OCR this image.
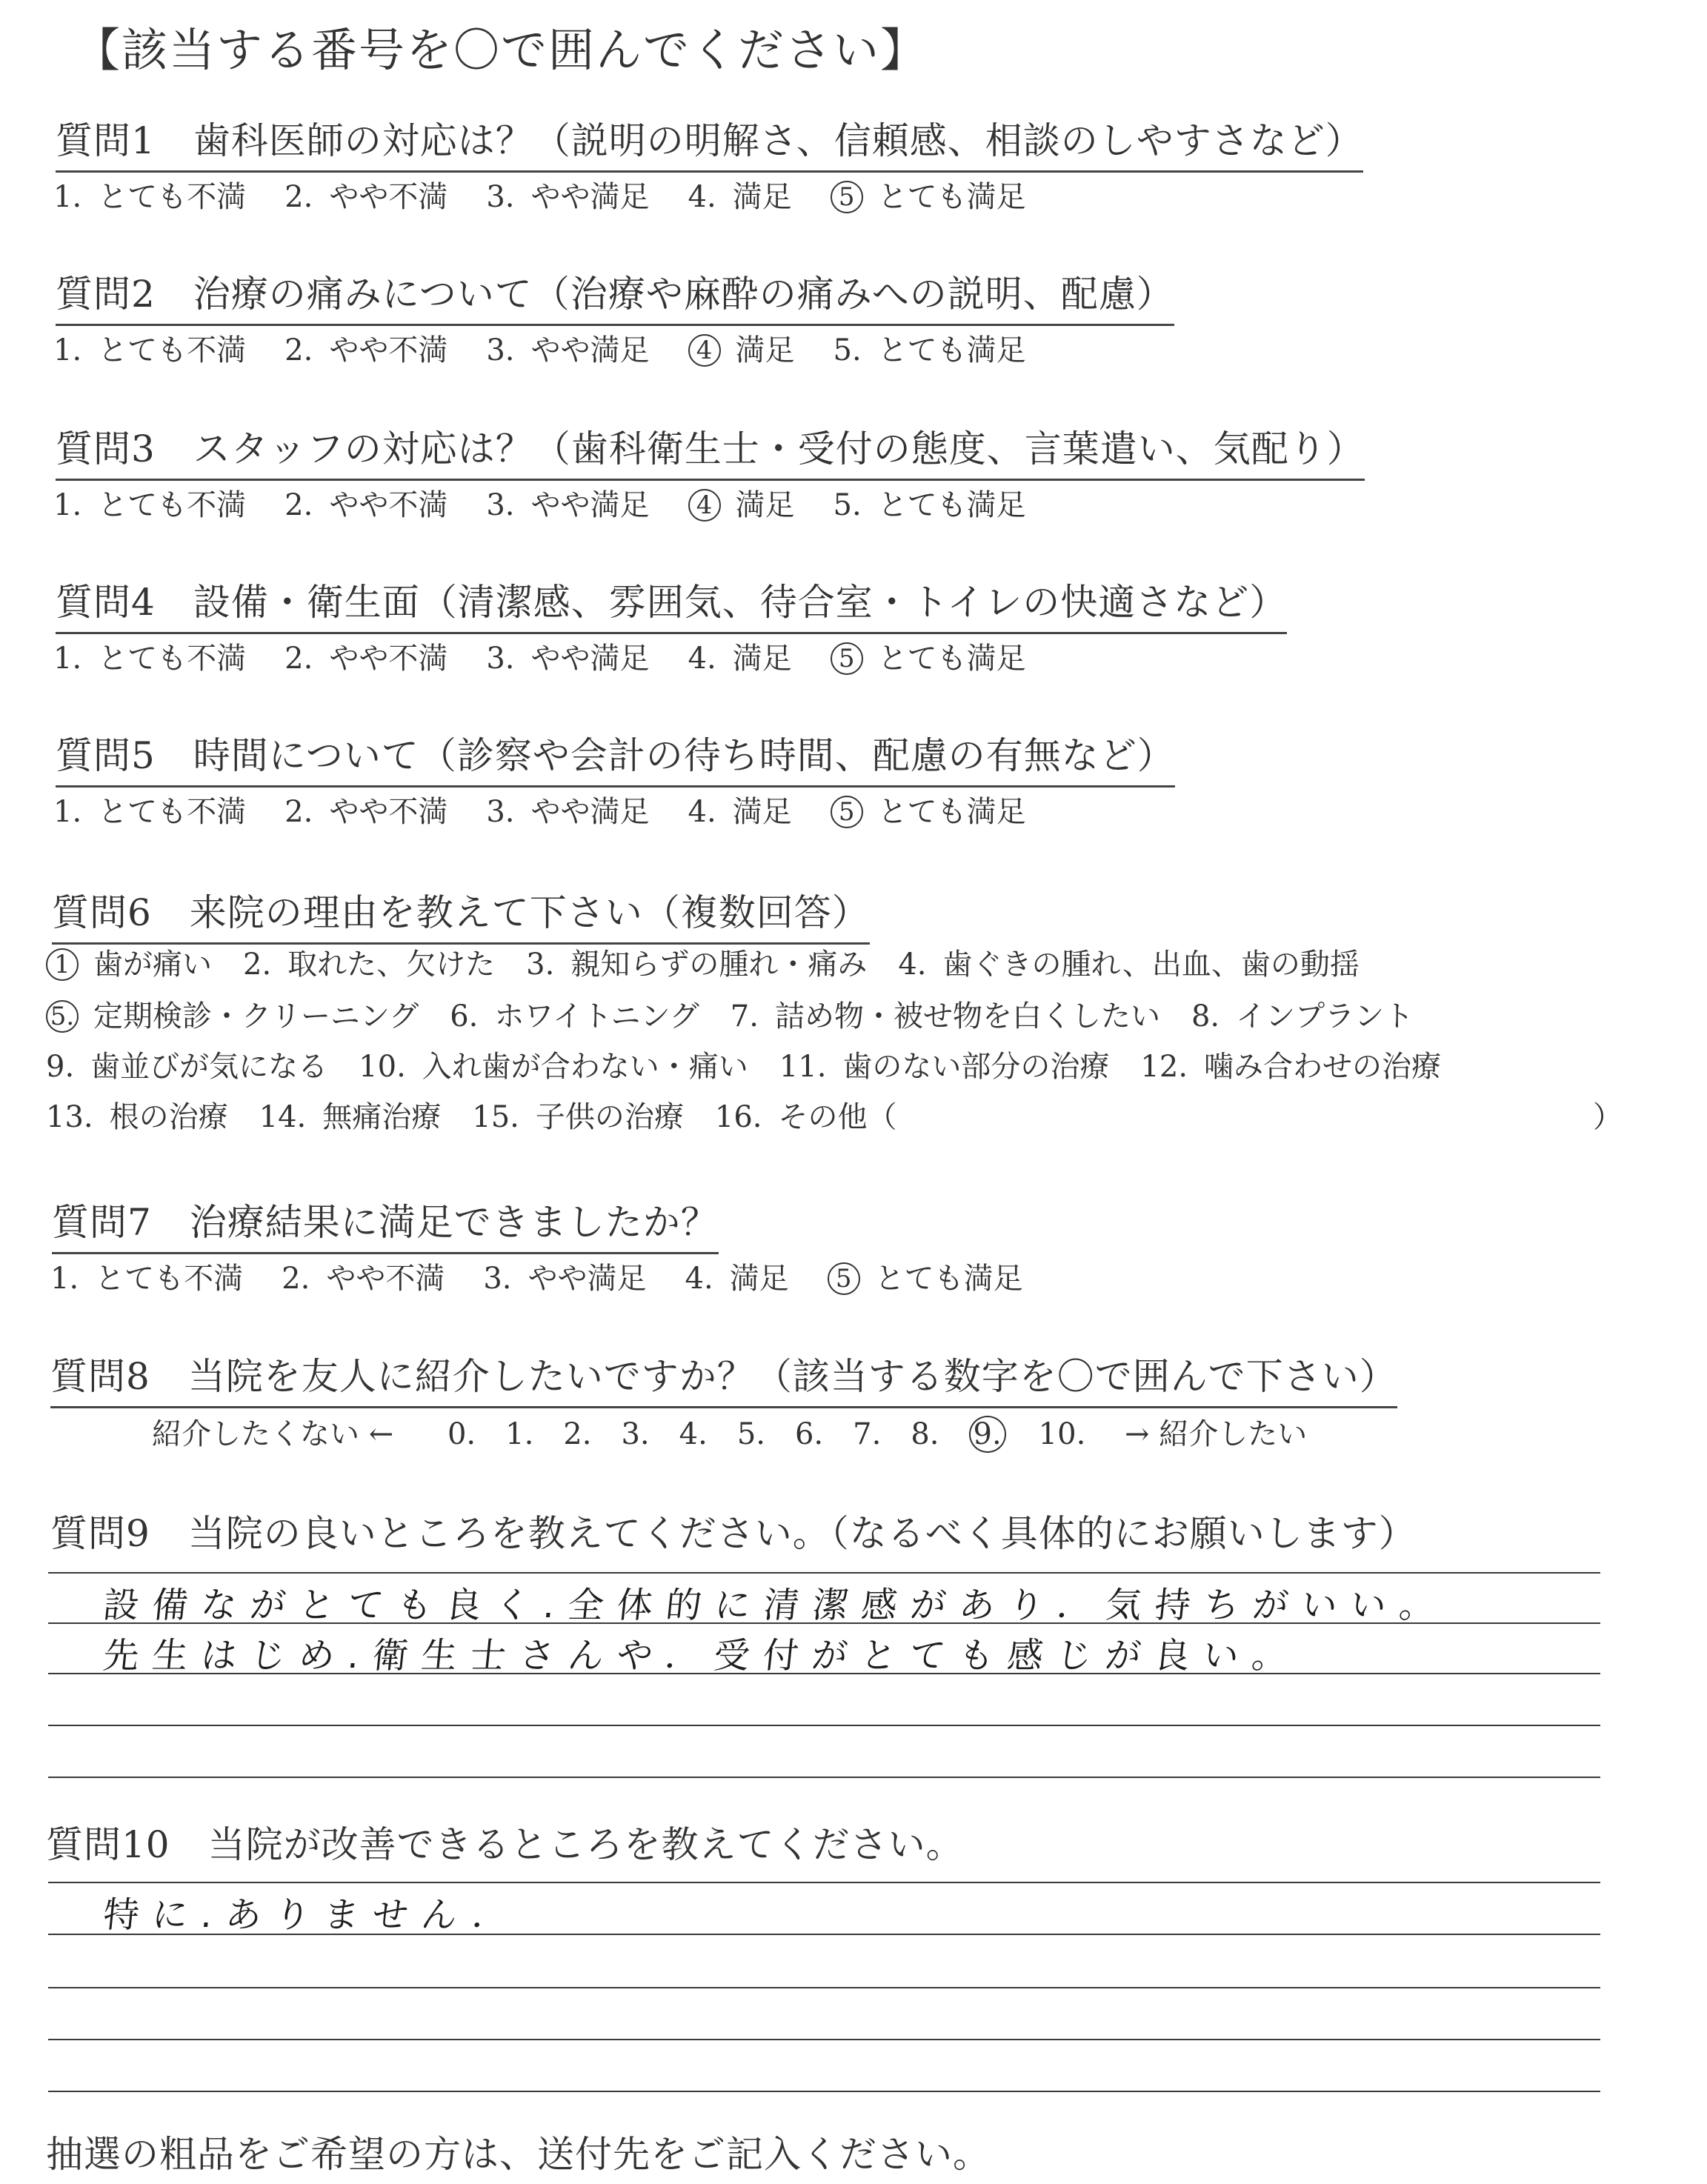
【該当する番号を〇で囲んでください】
質問1　歯科医師の対応は？（説明の明解さ、信頼感、相談のしやすさなど）
1. とても不満 2. やや不満 3. やや満足 4. 満足 5 とても満足
質問2　治療の痛みについて（治療や麻酔の痛みへの説明、配慮）
1. とても不満 2. やや不満 3. やや満足 4 満足 5. とても満足
質問3　スタッフの対応は？（歯科衛生士・受付の態度、言葉遣い、気配り）
1. とても不満 2. やや不満 3. やや満足 4 満足 5. とても満足
質問4　設備・衛生面（清潔感、雰囲気、待合室・トイレの快適さなど）
1. とても不満 2. やや不満 3. やや満足 4. 満足 5 とても満足
質問5　時間について（診察や会計の待ち時間、配慮の有無など）
1. とても不満 2. やや不満 3. やや満足 4. 満足 5 とても満足
質問6　来院の理由を教えて下さい（複数回答）
1 歯が痛い 2. 取れた、欠けた 3. 親知らずの腫れ・痛み 4. 歯ぐきの腫れ、出血、歯の動揺
5. 定期検診・クリーニング 6. ホワイトニング 7. 詰め物・被せ物を白くしたい 8. インプラント
9. 歯並びが気になる 10. 入れ歯が合わない・痛い 11. 歯のない部分の治療 12. 噛み合わせの治療
13. 根の治療 14. 無痛治療 15. 子供の治療 16. その他（	）
質問7　治療結果に満足できましたか？
1. とても不満 2. やや不満 3. やや満足 4. 満足 5 とても満足
質問8　当院を友人に紹介したいですか？（該当する数字を〇で囲んで下さい）
紹介したくない ← 0. 1. 2. 3. 4. 5. 6. 7. 8. 9. 10. → 紹介したい
質問9　当院の良いところを教えてください。（なるべく具体的にお願いします）
設備ながとても良く.全体的に清潔感があり．気持ちがいい。
先生はじめ.衛生士さんや．受付がとても感じが良い。
質問10　当院が改善できるところを教えてください。
特に.ありません．
抽選の粗品をご希望の方は、送付先をご記入ください。
